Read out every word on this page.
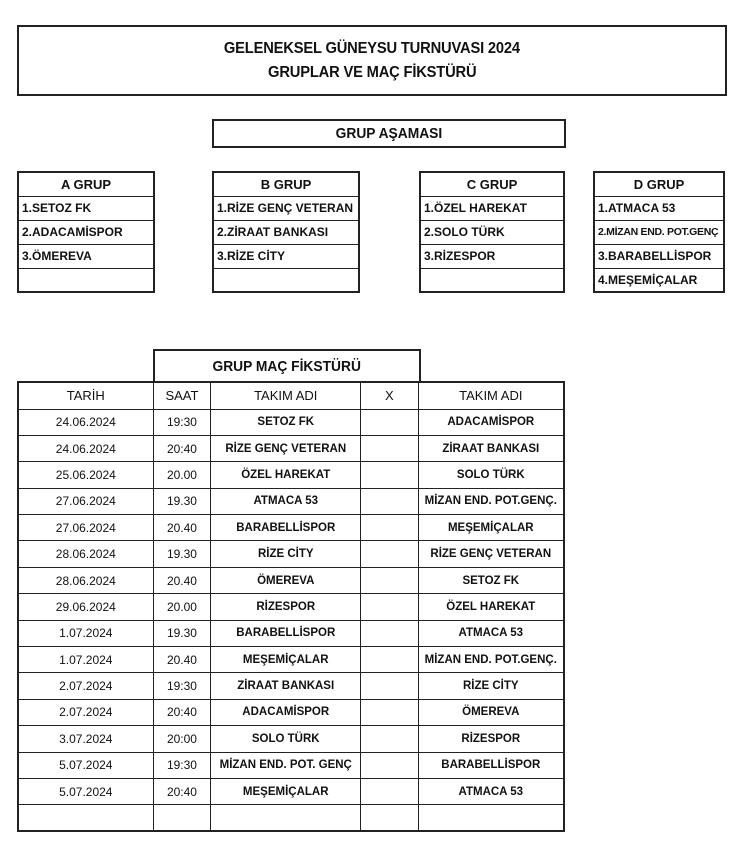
GELENEKSEL GÜNEYSU TURNUVASI 2024
GRUPLAR VE MAÇ FİKSTÜRÜ
GRUP AŞAMASI
A GRUP
1.SETOZ FK
2.ADACAMİSPOR
3.ÖMEREVA

B GRUP
1.RİZE GENÇ VETERAN
2.ZİRAAT BANKASI
3.RİZE CİTY

C GRUP
1.ÖZEL HAREKAT
2.SOLO TÜRK
3.RİZESPOR

D GRUP
1.ATMACA 53
2.MİZAN END. POT.GENÇ
3.BARABELLİSPOR
4.MEŞEMİÇALAR
GRUP MAÇ FİKSTÜRÜ
TARİH	SAAT	TAKIM ADI	X	TAKIM ADI
24.06.2024	19:30	SETOZ FK		ADACAMİSPOR
24.06.2024	20:40	RİZE GENÇ VETERAN		ZİRAAT BANKASI
25.06.2024	20.00	ÖZEL HAREKAT		SOLO TÜRK
27.06.2024	19.30	ATMACA 53		MİZAN END. POT.GENÇ.
27.06.2024	20.40	BARABELLİSPOR		MEŞEMİÇALAR
28.06.2024	19.30	RİZE CİTY		RİZE GENÇ VETERAN
28.06.2024	20.40	ÖMEREVA		SETOZ FK
29.06.2024	20.00	RİZESPOR		ÖZEL HAREKAT
1.07.2024	19.30	BARABELLİSPOR		ATMACA 53
1.07.2024	20.40	MEŞEMİÇALAR		MİZAN END. POT.GENÇ.
2.07.2024	19:30	ZİRAAT BANKASI		RİZE CİTY
2.07.2024	20:40	ADACAMİSPOR		ÖMEREVA
3.07.2024	20:00	SOLO TÜRK		RİZESPOR
5.07.2024	19:30	MİZAN END. POT. GENÇ		BARABELLİSPOR
5.07.2024	20:40	MEŞEMİÇALAR		ATMACA 53
